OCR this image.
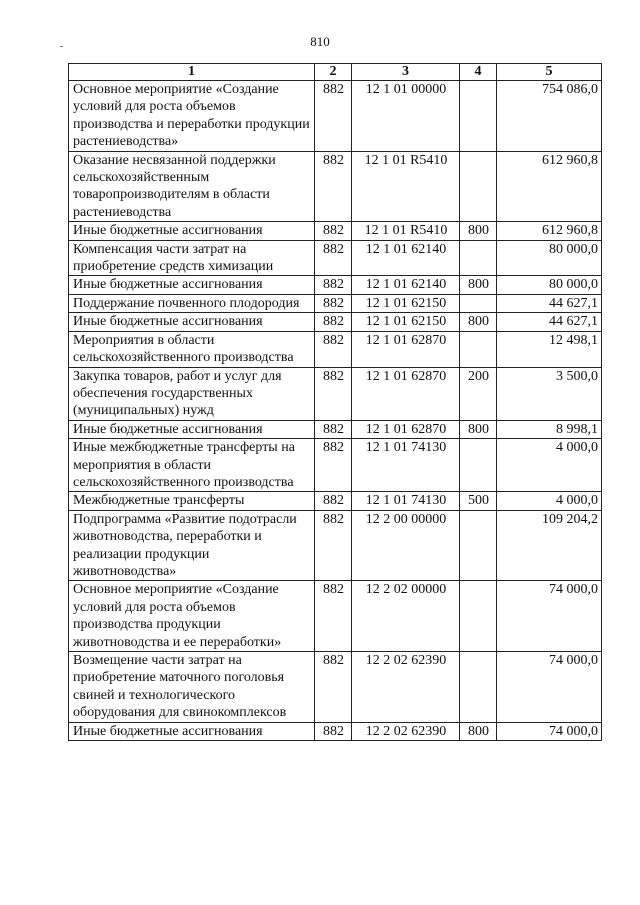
810
1	2	3	4	5
Основное мероприятие «Создание условий для роста объемов производства и переработки продукции растениеводства»	882	12 1 01 00000		754 086,0
Оказание несвязанной поддержки сельскохозяйственным товаропроизводителям в области растениеводства	882	12 1 01 R5410		612 960,8
Иные бюджетные ассигнования	882	12 1 01 R5410	800	612 960,8
Компенсация части затрат на приобретение средств химизации	882	12 1 01 62140		80 000,0
Иные бюджетные ассигнования	882	12 1 01 62140	800	80 000,0
Поддержание почвенного плодородия	882	12 1 01 62150		44 627,1
Иные бюджетные ассигнования	882	12 1 01 62150	800	44 627,1
Мероприятия в области сельскохозяйственного производства	882	12 1 01 62870		12 498,1
Закупка товаров, работ и услуг для обеспечения государственных (муниципальных) нужд	882	12 1 01 62870	200	3 500,0
Иные бюджетные ассигнования	882	12 1 01 62870	800	8 998,1
Иные межбюджетные трансферты на мероприятия в области сельскохозяйственного производства	882	12 1 01 74130		4 000,0
Межбюджетные трансферты	882	12 1 01 74130	500	4 000,0
Подпрограмма «Развитие подотрасли животноводства, переработки и реализации продукции животноводства»	882	12 2 00 00000		109 204,2
Основное мероприятие «Создание условий для роста объемов производства продукции животноводства и ее переработки»	882	12 2 02 00000		74 000,0
Возмещение части затрат на приобретение маточного поголовья свиней и технологического оборудования для свинокомплексов	882	12 2 02 62390		74 000,0
Иные бюджетные ассигнования	882	12 2 02 62390	800	74 000,0
